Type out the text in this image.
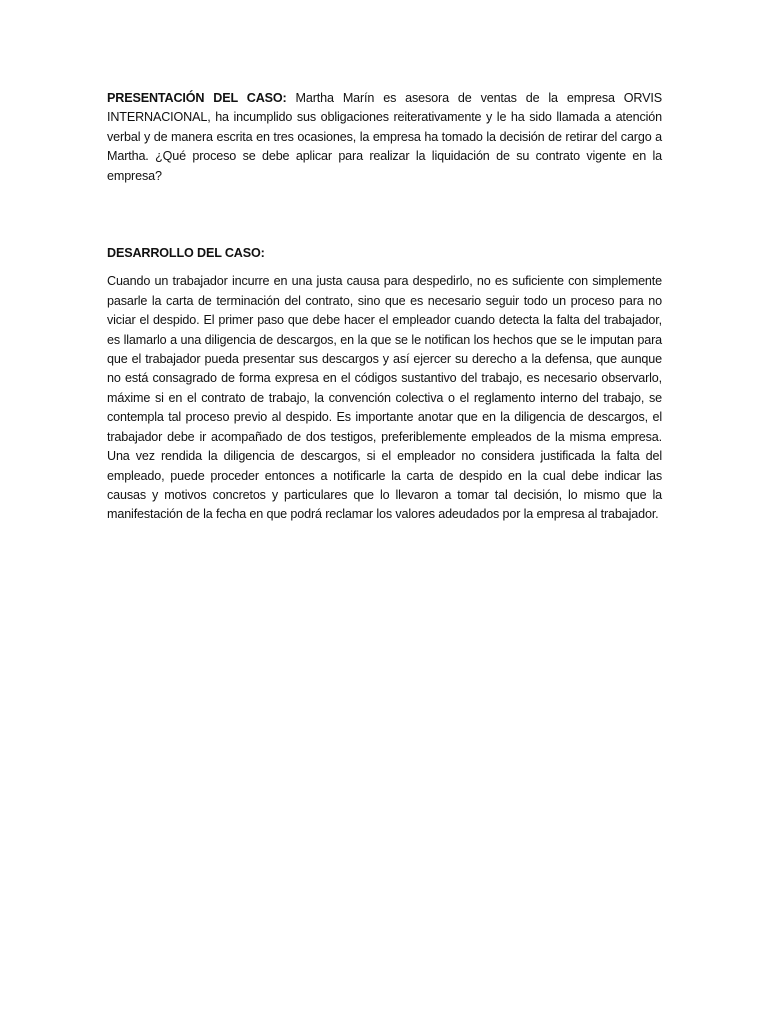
PRESENTACIÓN DEL CASO: Martha Marín es asesora de ventas de la empresa ORVIS INTERNACIONAL, ha incumplido sus obligaciones reiterativamente y le ha sido llamada a atención verbal y de manera escrita en tres ocasiones, la empresa ha tomado la decisión de retirar del cargo a Martha. ¿Qué proceso se debe aplicar para realizar la liquidación de su contrato vigente en la empresa?

DESARROLLO DEL CASO:

Cuando un trabajador incurre en una justa causa para despedirlo, no es suficiente con simplemente pasarle la carta de terminación del contrato, sino que es necesario seguir todo un proceso para no viciar el despido. El primer paso que debe hacer el empleador cuando detecta la falta del trabajador, es llamarlo a una diligencia de descargos, en la que se le notifican los hechos que se le imputan para que el trabajador pueda presentar sus descargos y así ejercer su derecho a la defensa, que aunque no está consagrado de forma expresa en el códigos sustantivo del trabajo, es necesario observarlo, máxime si en el contrato de trabajo, la convención colectiva o el reglamento interno del trabajo, se contempla tal proceso previo al despido. Es importante anotar que en la diligencia de descargos, el trabajador debe ir acompañado de dos testigos, preferiblemente empleados de la misma empresa. Una vez rendida la diligencia de descargos, si el empleador no considera justificada la falta del empleado, puede proceder entonces a notificarle la carta de despido en la cual debe indicar las causas y motivos concretos y particulares que lo llevaron a tomar tal decisión, lo mismo que la manifestación de la fecha en que podrá reclamar los valores adeudados por la empresa al trabajador.
